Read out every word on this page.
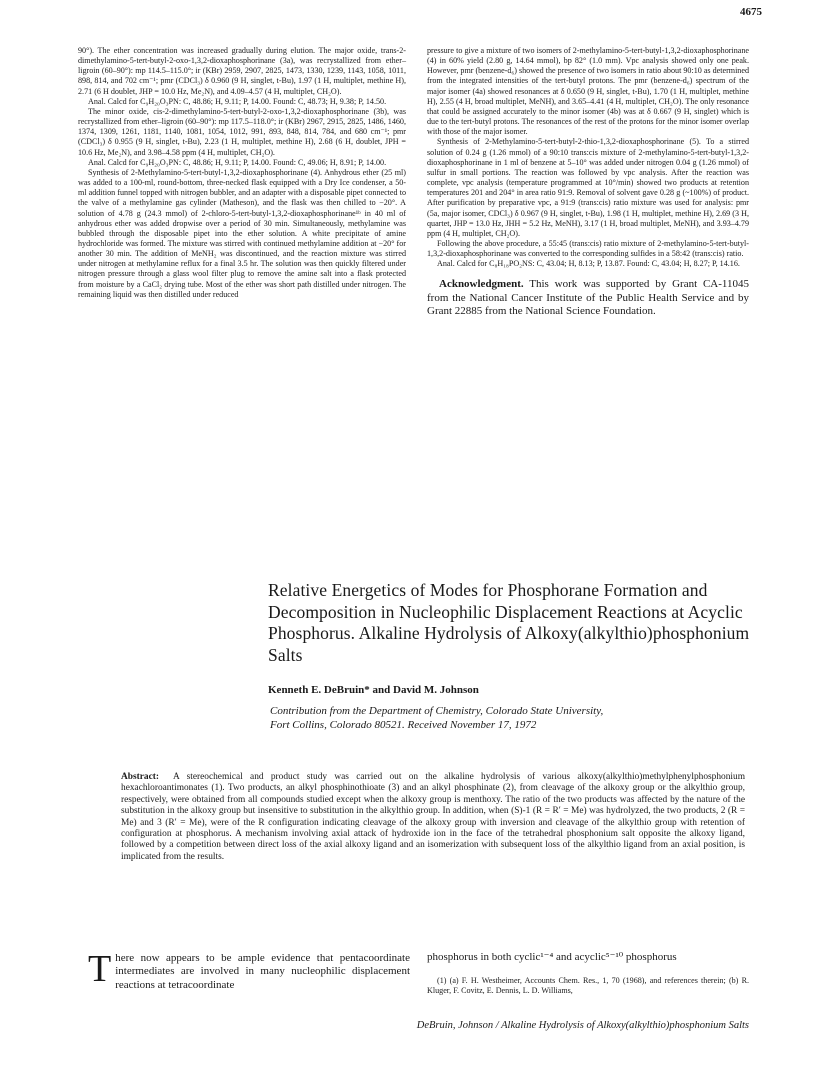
4675

90°). The ether concentration was increased gradually during elution. The major oxide, trans-2-dimethylamino-5-tert-butyl-2-oxo-1,3,2-dioxaphosphorinane (3a), was recrystallized from ether–ligroin (60–90°): mp 114.5–115.0°; ir (KBr) 2959, 2907, 2825, 1473, 1330, 1239, 1143, 1058, 1011, 898, 814, and 702 cm⁻¹; pmr (CDCl₃) δ 0.960 (9 H, singlet, t-Bu), 1.97 (1 H, multiplet, methine H), 2.71 (6 H doublet, JHP = 10.0 Hz, Me₂N), and 4.09–4.57 (4 H, multiplet, CH₂O).

Anal. Calcd for C₉H₂₀O₃PN: C, 48.86; H, 9.11; P, 14.00. Found: C, 48.73; H, 9.38; P, 14.50.

The minor oxide, cis-2-dimethylamino-5-tert-butyl-2-oxo-1,3,2-dioxaphosphorinane (3b), was recrystallized from ether–ligroin (60–90°): mp 117.5–118.0°; ir (KBr) 2967, 2915, 2825, 1486, 1460, 1374, 1309, 1261, 1181, 1140, 1081, 1054, 1012, 991, 893, 848, 814, 784, and 680 cm⁻¹; pmr (CDCl₃) δ 0.955 (9 H, singlet, t-Bu), 2.23 (1 H, multiplet, methine H), 2.68 (6 H, doublet, JPH = 10.6 Hz, Me₂N), and 3.98–4.58 ppm (4 H, multiplet, CH₂O).

Anal. Calcd for C₉H₂₀O₃PN: C, 48.86; H, 9.11; P, 14.00. Found: C, 49.06; H, 8.91; P, 14.00.

Synthesis of 2-Methylamino-5-tert-butyl-1,3,2-dioxaphosphorinane (4). Anhydrous ether (25 ml) was added to a 100-ml, round-bottom, three-necked flask equipped with a Dry Ice condenser, a 50-ml addition funnel topped with nitrogen bubbler, and an adapter with a disposable pipet connected to the valve of a methylamine gas cylinder (Matheson), and the flask was then chilled to −20°. A solution of 4.78 g (24.3 mmol) of 2-chloro-5-tert-butyl-1,3,2-dioxaphosphorinane¹ᵇ in 40 ml of anhydrous ether was added dropwise over a period of 30 min. Simultaneously, methylamine was bubbled through the disposable pipet into the ether solution. A white precipitate of amine hydrochloride was formed. The mixture was stirred with continued methylamine addition at −20° for another 30 min. The addition of MeNH₂ was discontinued, and the reaction mixture was stirred under nitrogen at methylamine reflux for a final 3.5 hr. The solution was then quickly filtered under nitrogen pressure through a glass wool filter plug to remove the amine salt into a flask protected from moisture by a CaCl₂ drying tube. Most of the ether was short path distilled under nitrogen. The remaining liquid was then distilled under reduced

pressure to give a mixture of two isomers of 2-methylamino-5-tert-butyl-1,3,2-dioxaphosphorinane (4) in 60% yield (2.80 g, 14.64 mmol), bp 82° (1.0 mm). Vpc analysis showed only one peak. However, pmr (benzene-d₆) showed the presence of two isomers in ratio about 90:10 as determined from the integrated intensities of the tert-butyl protons. The pmr (benzene-d₆) spectrum of the major isomer (4a) showed resonances at δ 0.650 (9 H, singlet, t-Bu), 1.70 (1 H, multiplet, methine H), 2.55 (4 H, broad multiplet, MeNH), and 3.65–4.41 (4 H, multiplet, CH₂O). The only resonance that could be assigned accurately to the minor isomer (4b) was at δ 0.667 (9 H, singlet) which is due to the tert-butyl protons. The resonances of the rest of the protons for the minor isomer overlap with those of the major isomer.

Synthesis of 2-Methylamino-5-tert-butyl-2-thio-1,3,2-dioxaphosphorinane (5). To a stirred solution of 0.24 g (1.26 mmol) of a 90:10 trans:cis mixture of 2-methylamino-5-tert-butyl-1,3,2-dioxaphosphorinane in 1 ml of benzene at 5–10° was added under nitrogen 0.04 g (1.26 mmol) of sulfur in small portions. The reaction was followed by vpc analysis. After the reaction was complete, vpc analysis (temperature programmed at 10°/min) showed two products at retention temperatures 201 and 204° in area ratio 91:9. Removal of solvent gave 0.28 g (~100%) of product. After purification by preparative vpc, a 91:9 (trans:cis) ratio mixture was used for analysis: pmr (5a, major isomer, CDCl₃) δ 0.967 (9 H, singlet, t-Bu), 1.98 (1 H, multiplet, methine H), 2.69 (3 H, quartet, JHP = 13.0 Hz, JHH = 5.2 Hz, MeNH), 3.17 (1 H, broad multiplet, MeNH), and 3.93–4.79 ppm (4 H, multiplet, CH₂O).

Following the above procedure, a 55:45 (trans:cis) ratio mixture of 2-methylamino-5-tert-butyl-1,3,2-dioxaphosphorinane was converted to the corresponding sulfides in a 58:42 (trans:cis) ratio.

Anal. Calcd for C₈H₁₈PO₂NS: C, 43.04; H, 8.13; P, 13.87. Found: C, 43.04; H, 8.27; P, 14.16.

Acknowledgment. This work was supported by Grant CA-11045 from the National Cancer Institute of the Public Health Service and by Grant 22885 from the National Science Foundation.

Relative Energetics of Modes for Phosphorane Formation and Decomposition in Nucleophilic Displacement Reactions at Acyclic Phosphorus. Alkaline Hydrolysis of Alkoxy(alkylthio)phosphonium Salts
Kenneth E. DeBruin* and David M. Johnson
Contribution from the Department of Chemistry, Colorado State University,
Fort Collins, Colorado 80521. Received November 17, 1972
Abstract: A stereochemical and product study was carried out on the alkaline hydrolysis of various alkoxy(alkylthio)methylphenylphosphonium hexachloroantimonates (1). Two products, an alkyl phosphinothioate (3) and an alkyl phosphinate (2), from cleavage of the alkoxy group or the alkylthio group, respectively, were obtained from all compounds studied except when the alkoxy group is menthoxy. The ratio of the two products was affected by the nature of the substitution in the alkoxy group but insensitive to substitution in the alkylthio group. In addition, when (S)-1 (R = R′ = Me) was hydrolyzed, the two products, 2 (R = Me) and 3 (R′ = Me), were of the R configuration indicating cleavage of the alkoxy group with inversion and cleavage of the alkylthio group with retention of configuration at phosphorus. A mechanism involving axial attack of hydroxide ion in the face of the tetrahedral phosphonium salt opposite the alkoxy ligand, followed by a competition between direct loss of the axial alkoxy ligand and an isomerization with subsequent loss of the alkylthio ligand from an axial position, is implicated from the results.
There now appears to be ample evidence that pentacoordinate intermediates are involved in many nucleophilic displacement reactions at tetracoordinate
phosphorus in both cyclic¹⁻⁴ and acyclic⁵⁻¹⁰ phosphorus
(1) (a) F. H. Westheimer, Accounts Chem. Res., 1, 70 (1968), and references therein; (b) R. Kluger, F. Covitz, E. Dennis, L. D. Williams,
DeBruin, Johnson / Alkaline Hydrolysis of Alkoxy(alkylthio)phosphonium Salts
